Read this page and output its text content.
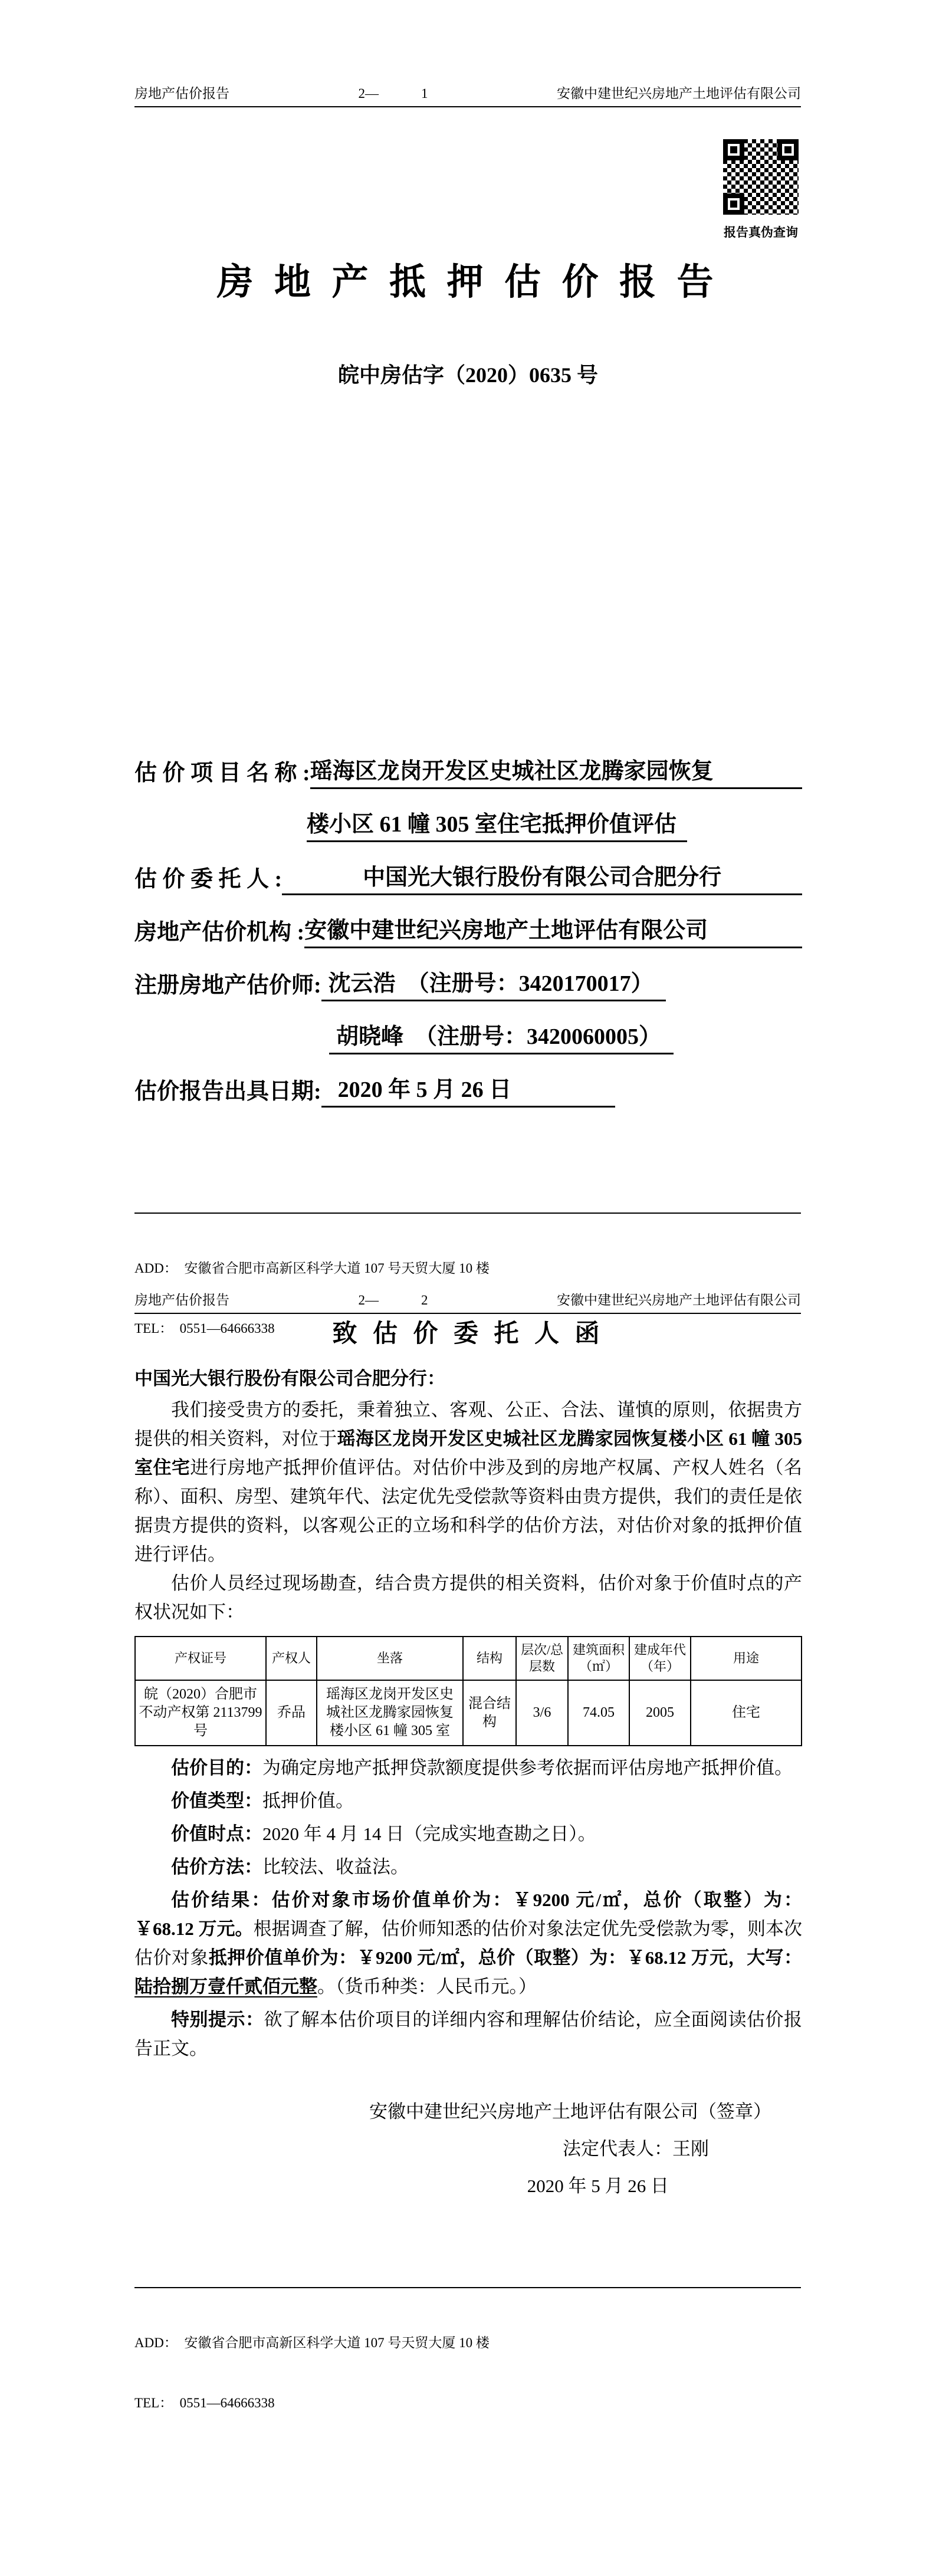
房地产估价报告	2—	1	安徽中建世纪兴房地产土地评估有限公司
报告真伪查询
房 地 产 抵 押 估 价 报 告
皖中房估字（2020）0635 号
估 价 项 目 名 称 : 瑶海区龙岗开发区史城社区龙腾家园恢复
楼小区 61 幢 305 室住宅抵押价值评估
估 价 委 托 人 :	中国光大银行股份有限公司合肥分行
房地产估价机构 : 安徽中建世纪兴房地产土地评估有限公司
注册房地产估价师: 沈云浩　（注册号：3420170017）
胡晓峰　（注册号：3420060005）
估价报告出具日期: 2020 年 5 月 26 日

ADD：  安徽省合肥市高新区科学大道 107 号天贸大厦 10 楼

TEL：  0551—64666338

房地产估价报告	2—	2	安徽中建世纪兴房地产土地评估有限公司
致 估 价 委 托 人 函

中国光大银行股份有限公司合肥分行：

我们接受贵方的委托，秉着独立、客观、公正、合法、谨慎的原则，依据贵方提供的相关资料，对位于瑶海区龙岗开发区史城社区龙腾家园恢复楼小区 61 幢 305 室住宅进行房地产抵押价值评估。对估价中涉及到的房地产权属、产权人姓名（名称）、面积、房型、建筑年代、法定优先受偿款等资料由贵方提供，我们的责任是依据贵方提供的资料，以客观公正的立场和科学的估价方法，对估价对象的抵押价值进行评估。

估价人员经过现场勘查，结合贵方提供的相关资料，估价对象于价值时点的产权状况如下：

产权证号	产权人	坐落	结构	层次/总层数	建筑面积（㎡）	建成年代（年）	用途
皖（2020）合肥市不动产权第 2113799 号	乔品	瑶海区龙岗开发区史城社区龙腾家园恢复楼小区 61 幢 305 室	混合结构	3/6	74.05	2005	住宅

估价目的：为确定房地产抵押贷款额度提供参考依据而评估房地产抵押价值。

价值类型：抵押价值。

价值时点：2020 年 4 月 14 日（完成实地查勘之日）。

估价方法：比较法、收益法。

估价结果：估价对象市场价值单价为：￥9200 元/㎡，总价（取整）为：￥68.12 万元。根据调查了解，估价师知悉的估价对象法定优先受偿款为零，则本次估价对象抵押价值单价为：￥9200 元/㎡，总价（取整）为：￥68.12 万元，大写：陆拾捌万壹仟贰佰元整。（货币种类：人民币元。）

特别提示：欲了解本估价项目的详细内容和理解估价结论，应全面阅读估价报告正文。

安徽中建世纪兴房地产土地评估有限公司（签章）
法定代表人：王刚
2020 年 5 月 26 日

ADD：  安徽省合肥市高新区科学大道 107 号天贸大厦 10 楼

TEL：  0551—64666338
